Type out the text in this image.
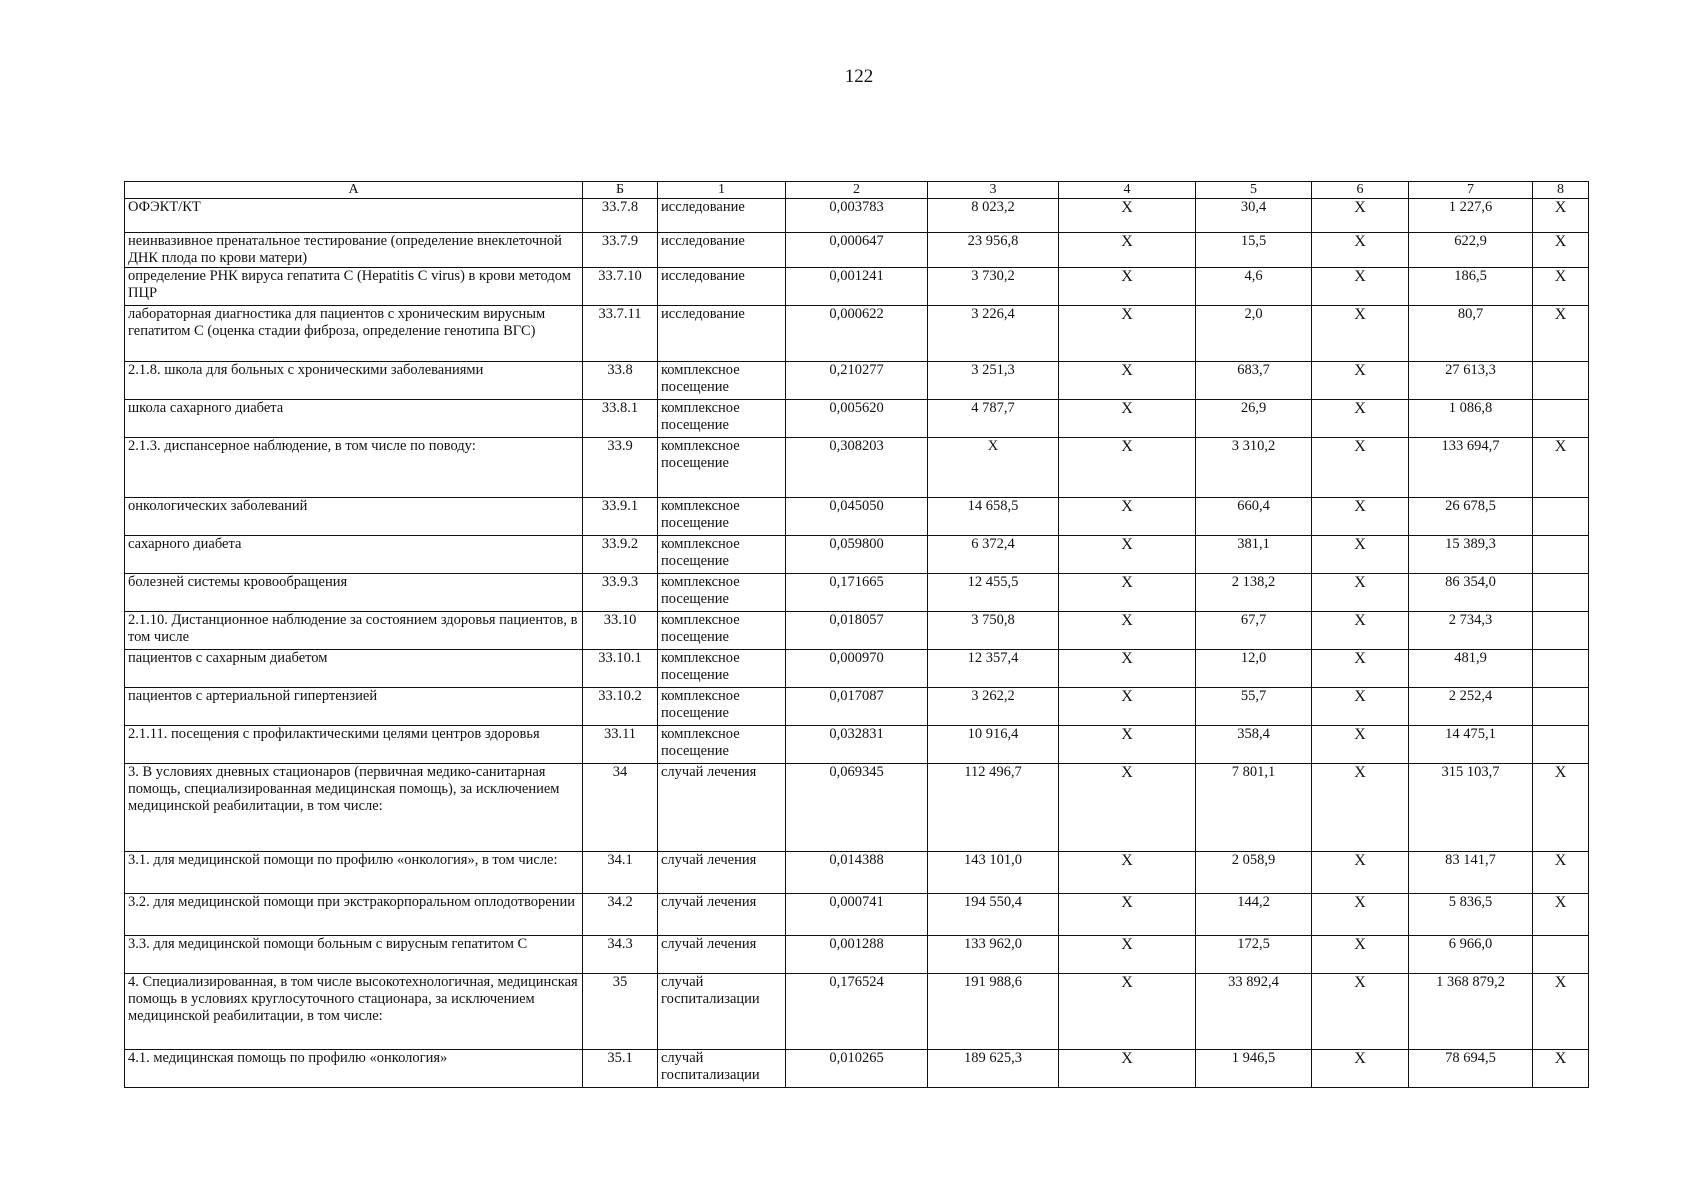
122
А	Б	1	2	3	4	5	6	7	8
ОФЭКТ/КТ	33.7.8	исследование	0,003783	8 023,2	X	30,4	X	1 227,6	X
неинвазивное пренатальное тестирование (определение внеклеточной ДНК плода по крови матери)	33.7.9	исследование	0,000647	23 956,8	X	15,5	X	622,9	X
определение РНК вируса гепатита С (Hepatitis С virus) в крови методом ПЦР	33.7.10	исследование	0,001241	3 730,2	X	4,6	X	186,5	X
лабораторная диагностика для пациентов с хроническим вирусным гепатитом С (оценка стадии фиброза, определение генотипа ВГС)	33.7.11	исследование	0,000622	3 226,4	X	2,0	X	80,7	X
2.1.8. школа для больных с хроническими заболеваниями	33.8	комплексное посещение	0,210277	3 251,3	X	683,7	X	27 613,3	
школа сахарного диабета	33.8.1	комплексное посещение	0,005620	4 787,7	X	26,9	X	1 086,8	
2.1.3. диспансерное наблюдение, в том числе по поводу:	33.9	комплексное посещение	0,308203	X	X	3 310,2	X	133 694,7	X
онкологических заболеваний	33.9.1	комплексное посещение	0,045050	14 658,5	X	660,4	X	26 678,5	
сахарного диабета	33.9.2	комплексное посещение	0,059800	6 372,4	X	381,1	X	15 389,3	
болезней системы кровообращения	33.9.3	комплексное посещение	0,171665	12 455,5	X	2 138,2	X	86 354,0	
2.1.10. Дистанционное наблюдение за состоянием здоровья пациентов, в том числе	33.10	комплексное посещение	0,018057	3 750,8	X	67,7	X	2 734,3	
пациентов с сахарным диабетом	33.10.1	комплексное посещение	0,000970	12 357,4	X	12,0	X	481,9	
пациентов с артериальной гипертензией	33.10.2	комплексное посещение	0,017087	3 262,2	X	55,7	X	2 252,4	
2.1.11. посещения с профилактическими целями центров здоровья	33.11	комплексное посещение	0,032831	10 916,4	X	358,4	X	14 475,1	
3. В условиях дневных стационаров (первичная медико-санитарная помощь, специализированная медицинская помощь), за исключением медицинской реабилитации, в том числе:	34	случай лечения	0,069345	112 496,7	X	7 801,1	X	315 103,7	X
3.1. для медицинской помощи по профилю «онкология», в том числе:	34.1	случай лечения	0,014388	143 101,0	X	2 058,9	X	83 141,7	X
3.2. для медицинской помощи при экстракорпоральном оплодотворении	34.2	случай лечения	0,000741	194 550,4	X	144,2	X	5 836,5	X
3.3. для медицинской помощи больным с вирусным гепатитом С	34.3	случай лечения	0,001288	133 962,0	X	172,5	X	6 966,0	
4. Специализированная, в том числе высокотехнологичная, медицинская помощь в условиях круглосуточного стационара, за исключением медицинской реабилитации, в том числе:	35	случай госпитализации	0,176524	191 988,6	X	33 892,4	X	1 368 879,2	X
4.1. медицинская помощь по профилю «онкология»	35.1	случай госпитализации	0,010265	189 625,3	X	1 946,5	X	78 694,5	X
